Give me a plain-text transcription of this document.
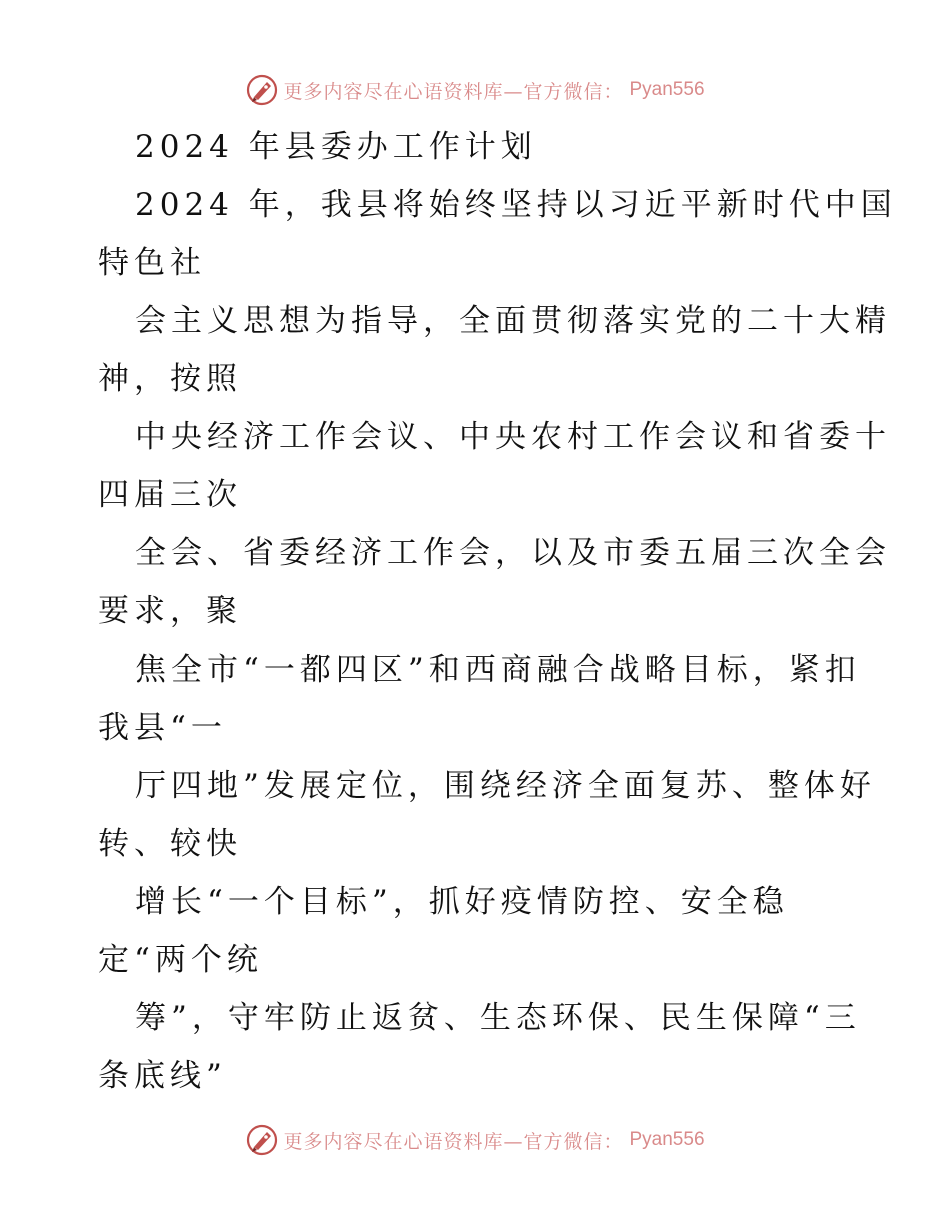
更多内容尽在心语资料库—官方微信： Pyan556
2024 年县委办工作计划
2024 年，我县将始终坚持以习近平新时代中国
特色社
会主义思想为指导，全面贯彻落实党的二十大精
神，按照
中央经济工作会议、中央农村工作会议和省委十
四届三次
全会、省委经济工作会，以及市委五届三次全会
要求，聚
焦全市“一都四区”和西商融合战略目标，紧扣
我县“一
厅四地”发展定位，围绕经济全面复苏、整体好
转、较快
增长“一个目标”，抓好疫情防控、安全稳
定“两个统
筹”，守牢防止返贫、生态环保、民生保障“三
条底线”
更多内容尽在心语资料库—官方微信： Pyan556
